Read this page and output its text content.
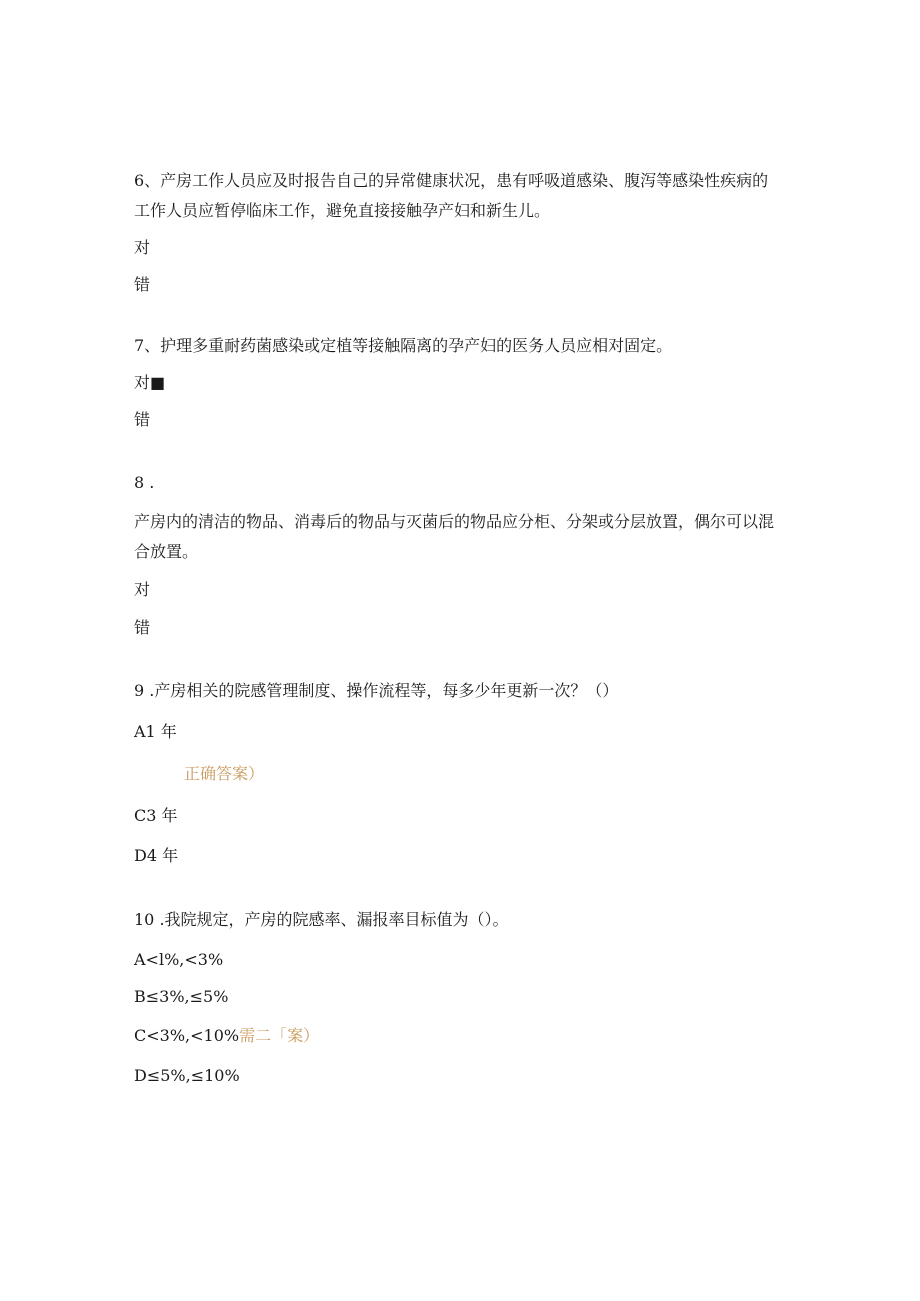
6、产房工作人员应及时报告自己的异常健康状况，患有呼吸道感染、腹泻等感染性疾病的工作人员应暂停临床工作，避免直接接触孕产妇和新生儿。
对
错
7、护理多重耐药菌感染或定植等接触隔离的孕产妇的医务人员应相对固定。
对■
错
8 .
产房内的清洁的物品、消毒后的物品与灭菌后的物品应分柜、分架或分层放置，偶尔可以混合放置。
对
错
9 .产房相关的院感管理制度、操作流程等，每多少年更新一次？（）
A1 年
正确答案）
C3 年
D4 年
10 .我院规定，产房的院感率、漏报率目标值为（）。
A<l%,<3%
B≤3%,≤5%
C<3%,<10%需二「案）
D≤5%,≤10%
